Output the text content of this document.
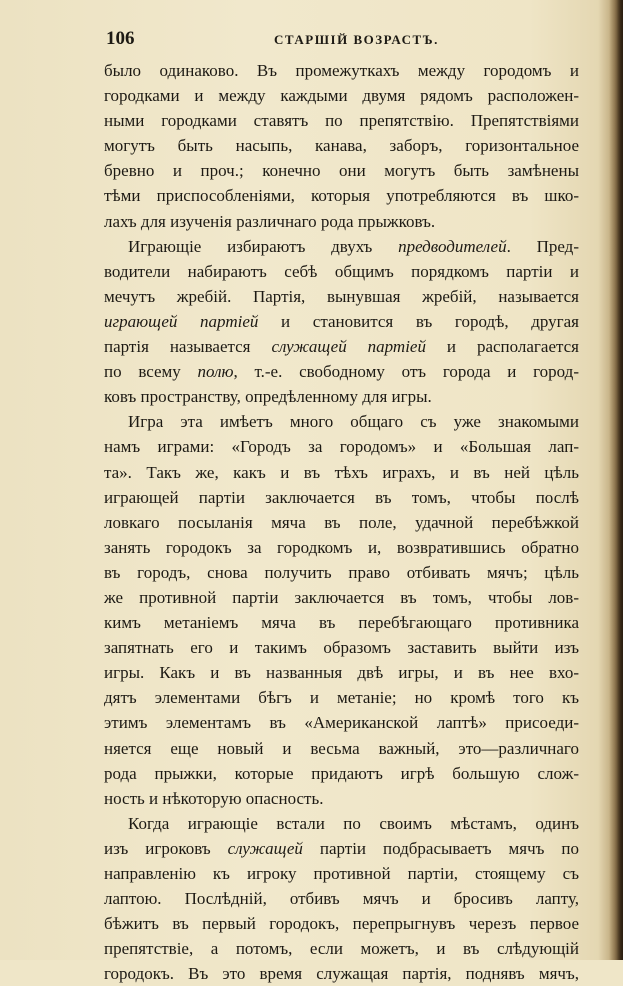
106	СТАРШІЙ ВОЗРАСТЪ.
было одинаково. Въ промежуткахъ между городомъ и
городками и между каждыми двумя рядомъ расположен-
ными городками ставятъ по препятствію. Препятствіями
могутъ быть насыпь, канава, заборъ, горизонтальное
бревно и проч.; конечно они могутъ быть замѣнены
тѣми приспособленіями, которыя употребляются въ шко-
лахъ для изученія различнаго рода прыжковъ.
Играющіе избираютъ двухъ предводителей. Пред-
водители набираютъ себѣ общимъ порядкомъ партіи и
мечутъ жребій. Партія, вынувшая жребій, называется
играющей партіей и становится въ городѣ, другая
партія называется служащей партіей и располагается
по всему полю, т.-е. свободному отъ города и город-
ковъ пространству, опредѣленному для игры.
Игра эта имѣетъ много общаго съ уже знакомыми
намъ играми: «Городъ за городомъ» и «Большая лап-
та». Такъ же, какъ и въ тѣхъ играхъ, и въ ней цѣль
играющей партіи заключается въ томъ, чтобы послѣ
ловкаго посыланія мяча въ поле, удачной перебѣжкой
занять городокъ за городкомъ и, возвратившись обратно
въ городъ, снова получить право отбивать мячъ; цѣль
же противной партіи заключается въ томъ, чтобы лов-
кимъ метаніемъ мяча въ перебѣгающаго противника
запятнать его и такимъ образомъ заставить выйти изъ
игры. Какъ и въ названныя двѣ игры, и въ нее вхо-
дятъ элементами бѣгъ и метаніе; но кромѣ того къ
этимъ элементамъ въ «Американской лаптѣ» присоеди-
няется еще новый и весьма важный, это—различнаго
рода прыжки, которые придаютъ игрѣ большую слож-
ность и нѣкоторую опасность.
Когда играющіе встали по своимъ мѣстамъ, одинъ
изъ игроковъ служащей партіи подбрасываетъ мячъ по
направленію къ игроку противной партіи, стоящему съ
лаптою. Послѣдній, отбивъ мячъ и бросивъ лапту,
бѣжитъ въ первый городокъ, перепрыгнувъ черезъ первое
препятствіе, а потомъ, если можетъ, и въ слѣдующій
городокъ. Въ это время служащая партія, поднявъ мячъ,
